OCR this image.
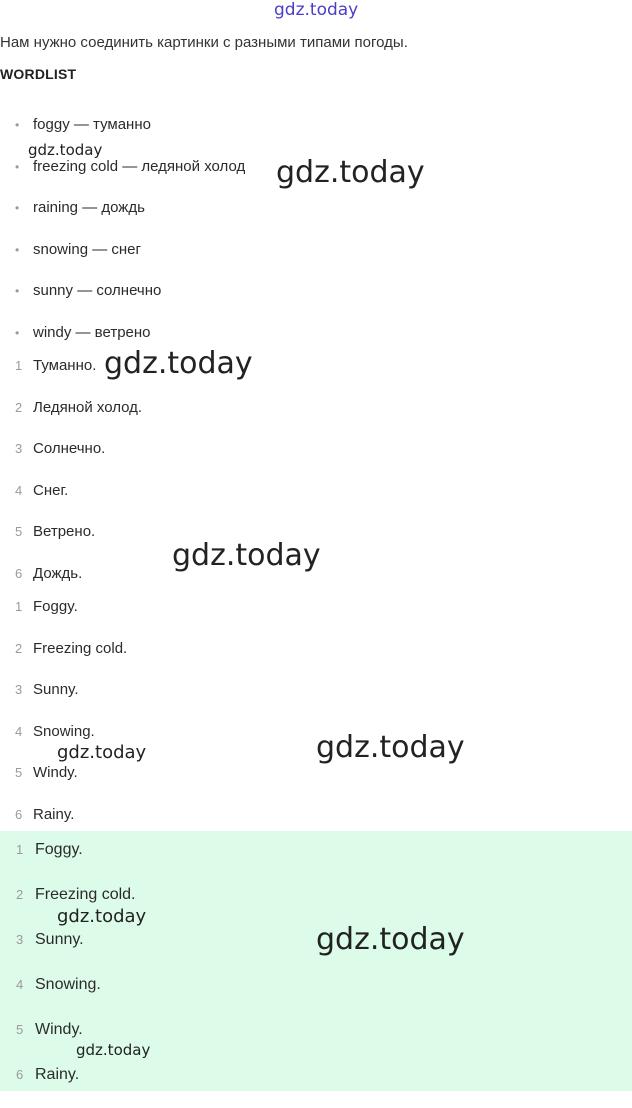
gdz.today
Нам нужно соединить картинки с разными типами погоды.
WORDLIST
• foggy — туманно
• freezing cold — ледяной холод
• raining — дождь
• snowing — снег
• sunny — солнечно
• windy — ветрено
1 Туманно.
2 Ледяной холод.
3 Солнечно.
4 Снег.
5 Ветрено.
6 Дождь.
1 Foggy.
2 Freezing cold.
3 Sunny.
4 Snowing.
5 Windy.
6 Rainy.
1 Foggy.
2 Freezing cold.
3 Sunny.
4 Snowing.
5 Windy.
6 Rainy.
gdz.today
gdz.today
gdz.today
gdz.today
gdz.today	gdz.today
gdz.today
gdz.today
gdz.today
